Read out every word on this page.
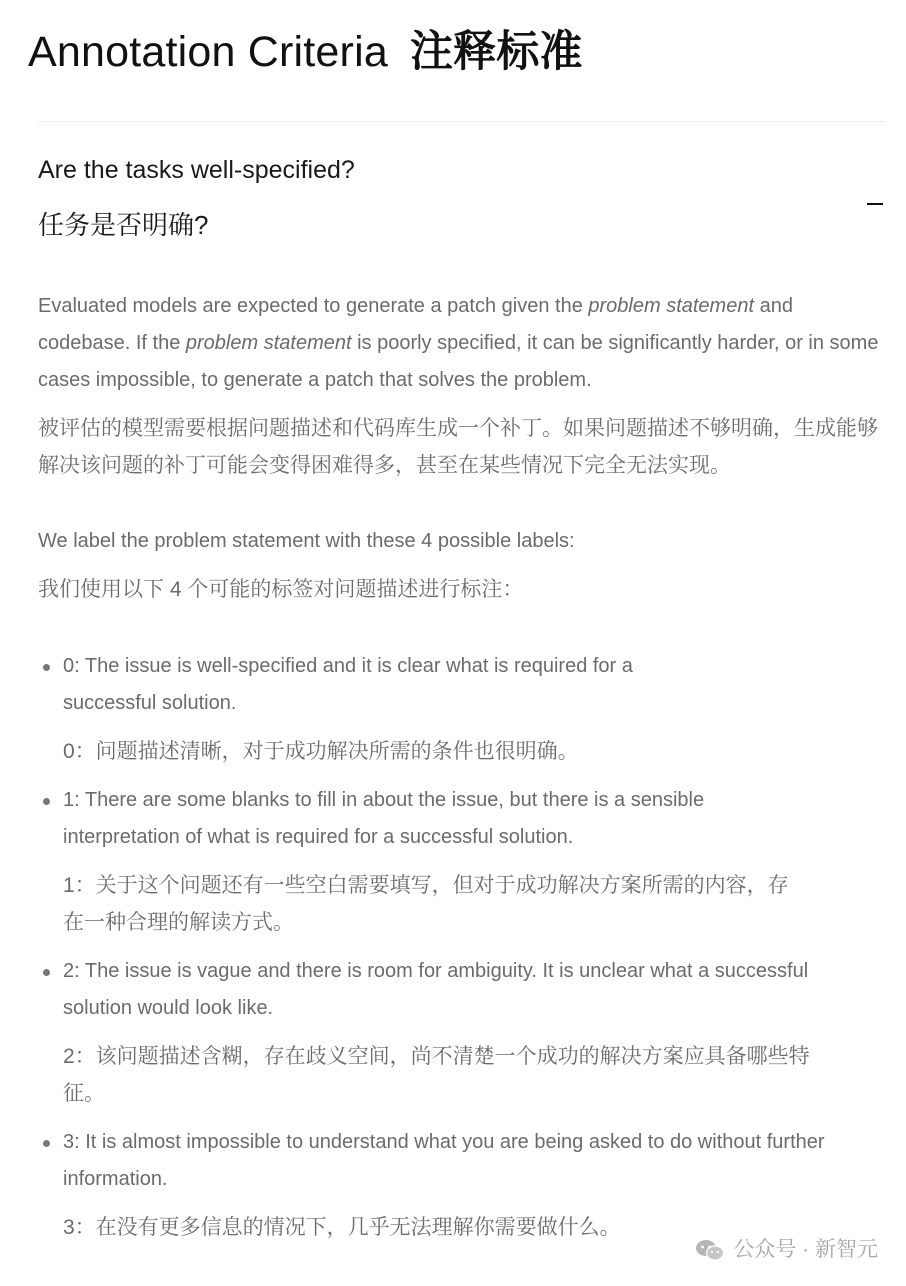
Annotation Criteria 注释标准
Are the tasks well-specified?
任务是否明确?
Evaluated models are expected to generate a patch given the problem statement and codebase. If the problem statement is poorly specified, it can be significantly harder, or in some cases impossible, to generate a patch that solves the problem.
被评估的模型需要根据问题描述和代码库生成一个补丁。如果问题描述不够明确，生成能够解决该问题的补丁可能会变得困难得多，甚至在某些情况下完全无法实现。
We label the problem statement with these 4 possible labels:
我们使用以下 4 个可能的标签对问题描述进行标注：
0: The issue is well-specified and it is clear what is required for a successful solution.
0：问题描述清晰，对于成功解决所需的条件也很明确。
1: There are some blanks to fill in about the issue, but there is a sensible interpretation of what is required for a successful solution.
1：关于这个问题还有一些空白需要填写，但对于成功解决方案所需的内容，存在一种合理的解读方式。
2: The issue is vague and there is room for ambiguity. It is unclear what a successful solution would look like.
2：该问题描述含糊，存在歧义空间，尚不清楚一个成功的解决方案应具备哪些特征。
3: It is almost impossible to understand what you are being asked to do without further information.
3：在没有更多信息的情况下，几乎无法理解你需要做什么。
公众号 · 新智元
